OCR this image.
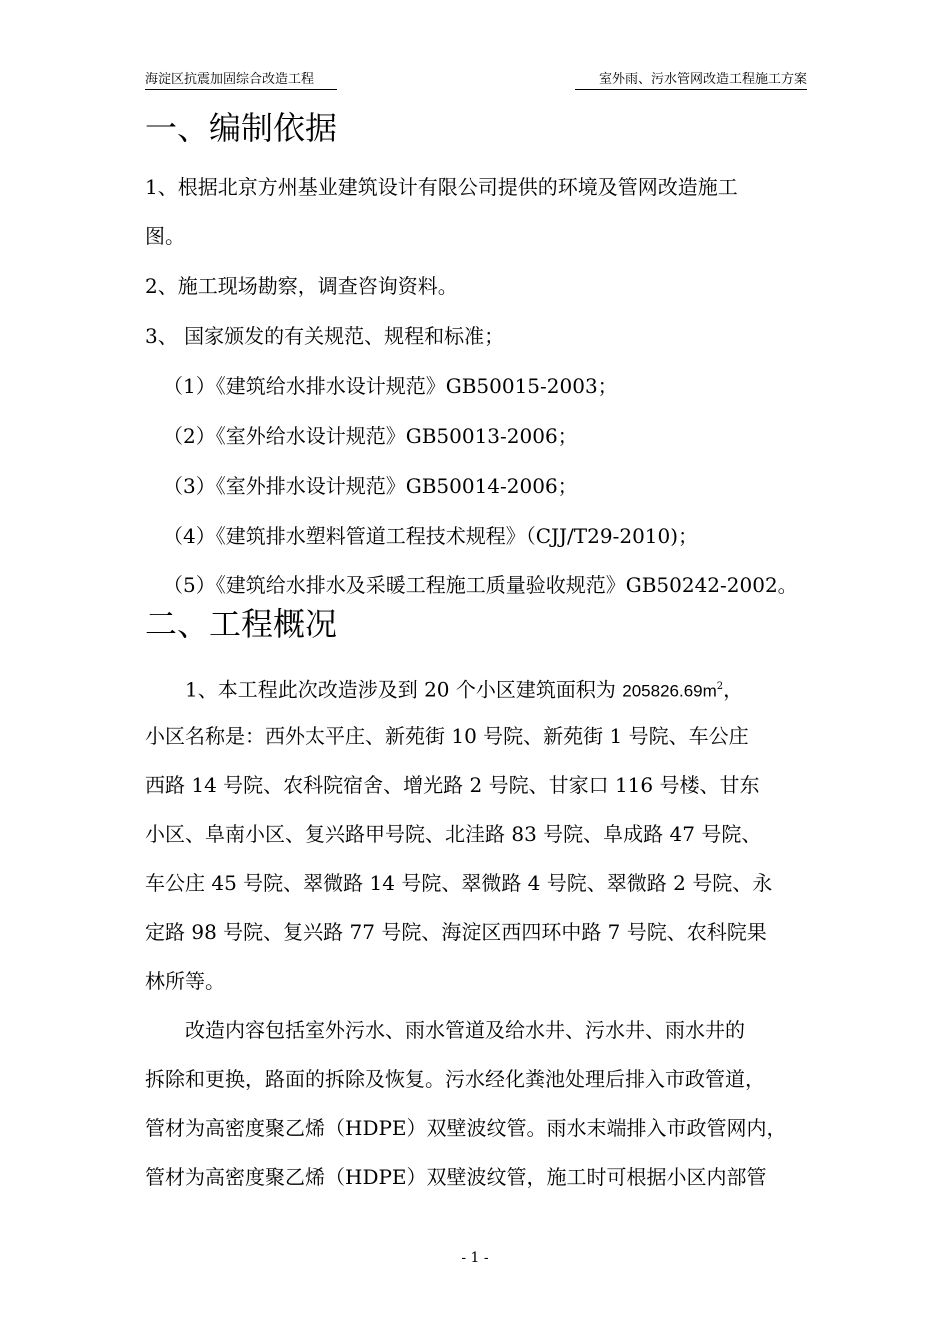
海淀区抗震加固综合改造工程	室外雨、污水管网改造工程施工方案
一、编制依据
1、根据北京方州基业建筑设计有限公司提供的环境及管网改造施工
图。
2、施工现场勘察，调查咨询资料。
3、 国家颁发的有关规范、规程和标准；
（1）《建筑给水排水设计规范》GB50015-2003；
（2）《室外给水设计规范》GB50013-2006；
（3）《室外排水设计规范》GB50014-2006；
（4）《建筑排水塑料管道工程技术规程》（CJJ/T29-2010)；
（5）《建筑给水排水及采暖工程施工质量验收规范》GB50242-2002。
二、工程概况
1、本工程此次改造涉及到 20 个小区建筑面积为 $205826.69m^2$，
小区名称是：西外太平庄、新苑街 10 号院、新苑街 1 号院、车公庄
西路 14 号院、农科院宿舍、增光路 2 号院、甘家口 116 号楼、甘东
小区、阜南小区、复兴路甲号院、北洼路 83 号院、阜成路 47 号院、
车公庄 45 号院、翠微路 14 号院、翠微路 4 号院、翠微路 2 号院、永
定路 98 号院、复兴路 77 号院、海淀区西四环中路 7 号院、农科院果
林所等。
改造内容包括室外污水、雨水管道及给水井、污水井、雨水井的
拆除和更换，路面的拆除及恢复。污水经化粪池处理后排入市政管道，
管材为高密度聚乙烯（HDPE）双壁波纹管。雨水末端排入市政管网内，
管材为高密度聚乙烯（HDPE）双壁波纹管，施工时可根据小区内部管
- 1 -
